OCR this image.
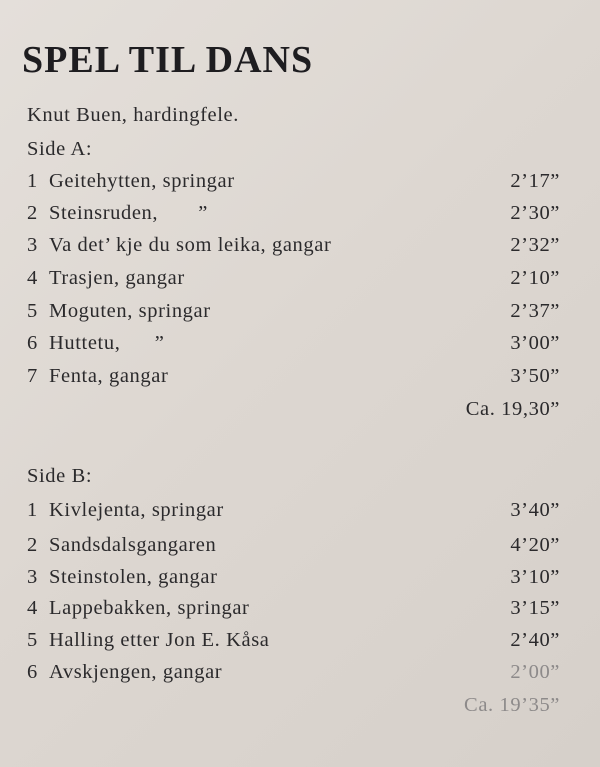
SPEL TIL DANS
Knut Buen, hardingfele.
Side A:
1 Geitehytten, springar	2’17”
2 Steinsruden,       ”	2’30”
3 Va det’ kje du som leika, gangar	2’32”
4 Trasjen, gangar	2’10”
5 Moguten, springar	2’37”
6 Huttetu,      ”	3’00”
7 Fenta, gangar	3’50”
Ca. 19,30”
Side B:
1 Kivlejenta, springar	3’40”
2 Sandsdalsgangaren	4’20”
3 Steinstolen, gangar	3’10”
4 Lappebakken, springar	3’15”
5 Halling etter Jon E. Kåsa	2’40”
6 Avskjengen, gangar	2’00”
Ca. 19’35”
